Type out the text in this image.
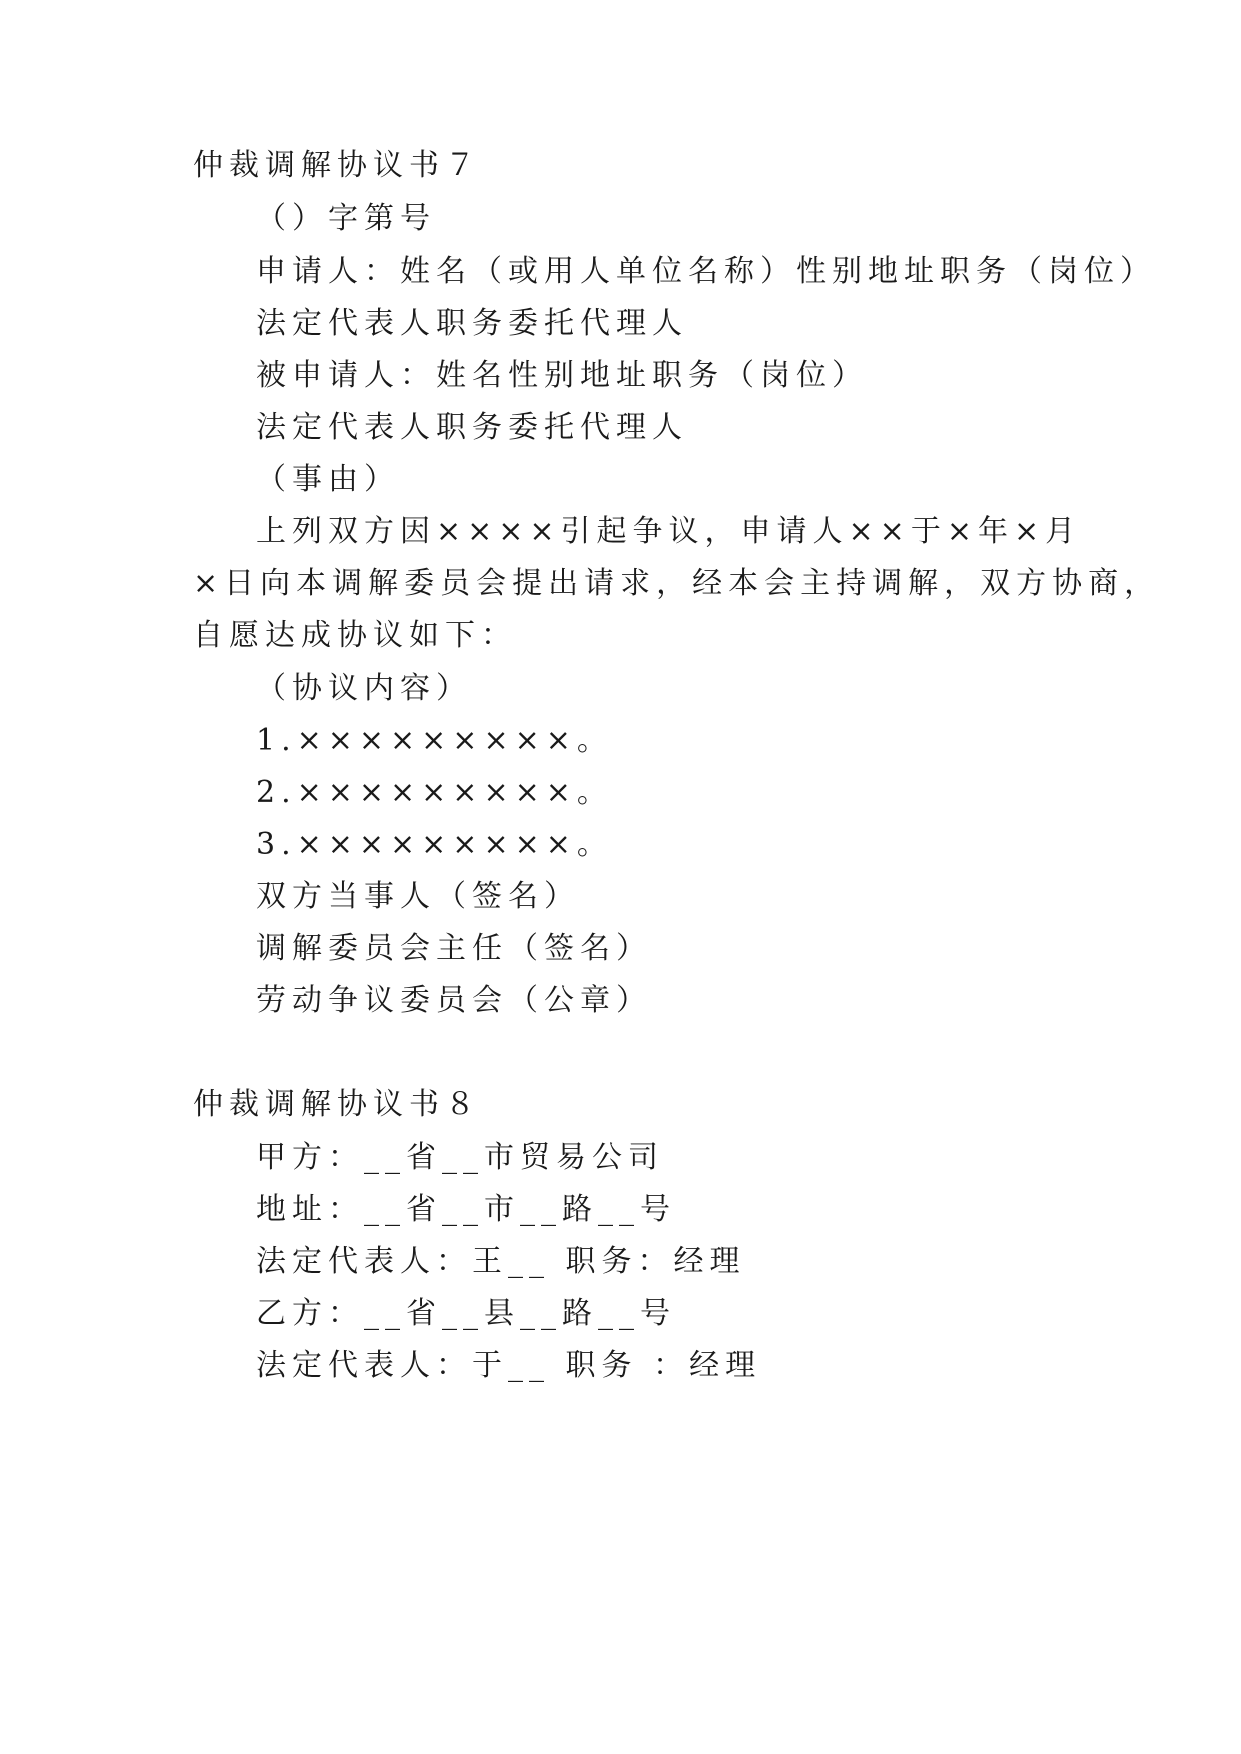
仲裁调解协议书７
（）字第号
申请人：姓名（或用人单位名称）性别地址职务（岗位）
法定代表人职务委托代理人
被申请人：姓名性别地址职务（岗位）
法定代表人职务委托代理人
（事由）
上列双方因××××引起争议，申请人××于×年×月
×日向本调解委员会提出请求，经本会主持调解，双方协商，
自愿达成协议如下：
（协议内容）
1.×××××××××。
2.×××××××××。
3.×××××××××。
双方当事人（签名）
调解委员会主任（签名）
劳动争议委员会（公章）
仲裁调解协议书８
甲方：__省__市贸易公司
地址：__省__市__路__号
法定代表人：王__ 职务：经理
乙方：__省__县__路__号
法定代表人：于__ 职务 ：经理
